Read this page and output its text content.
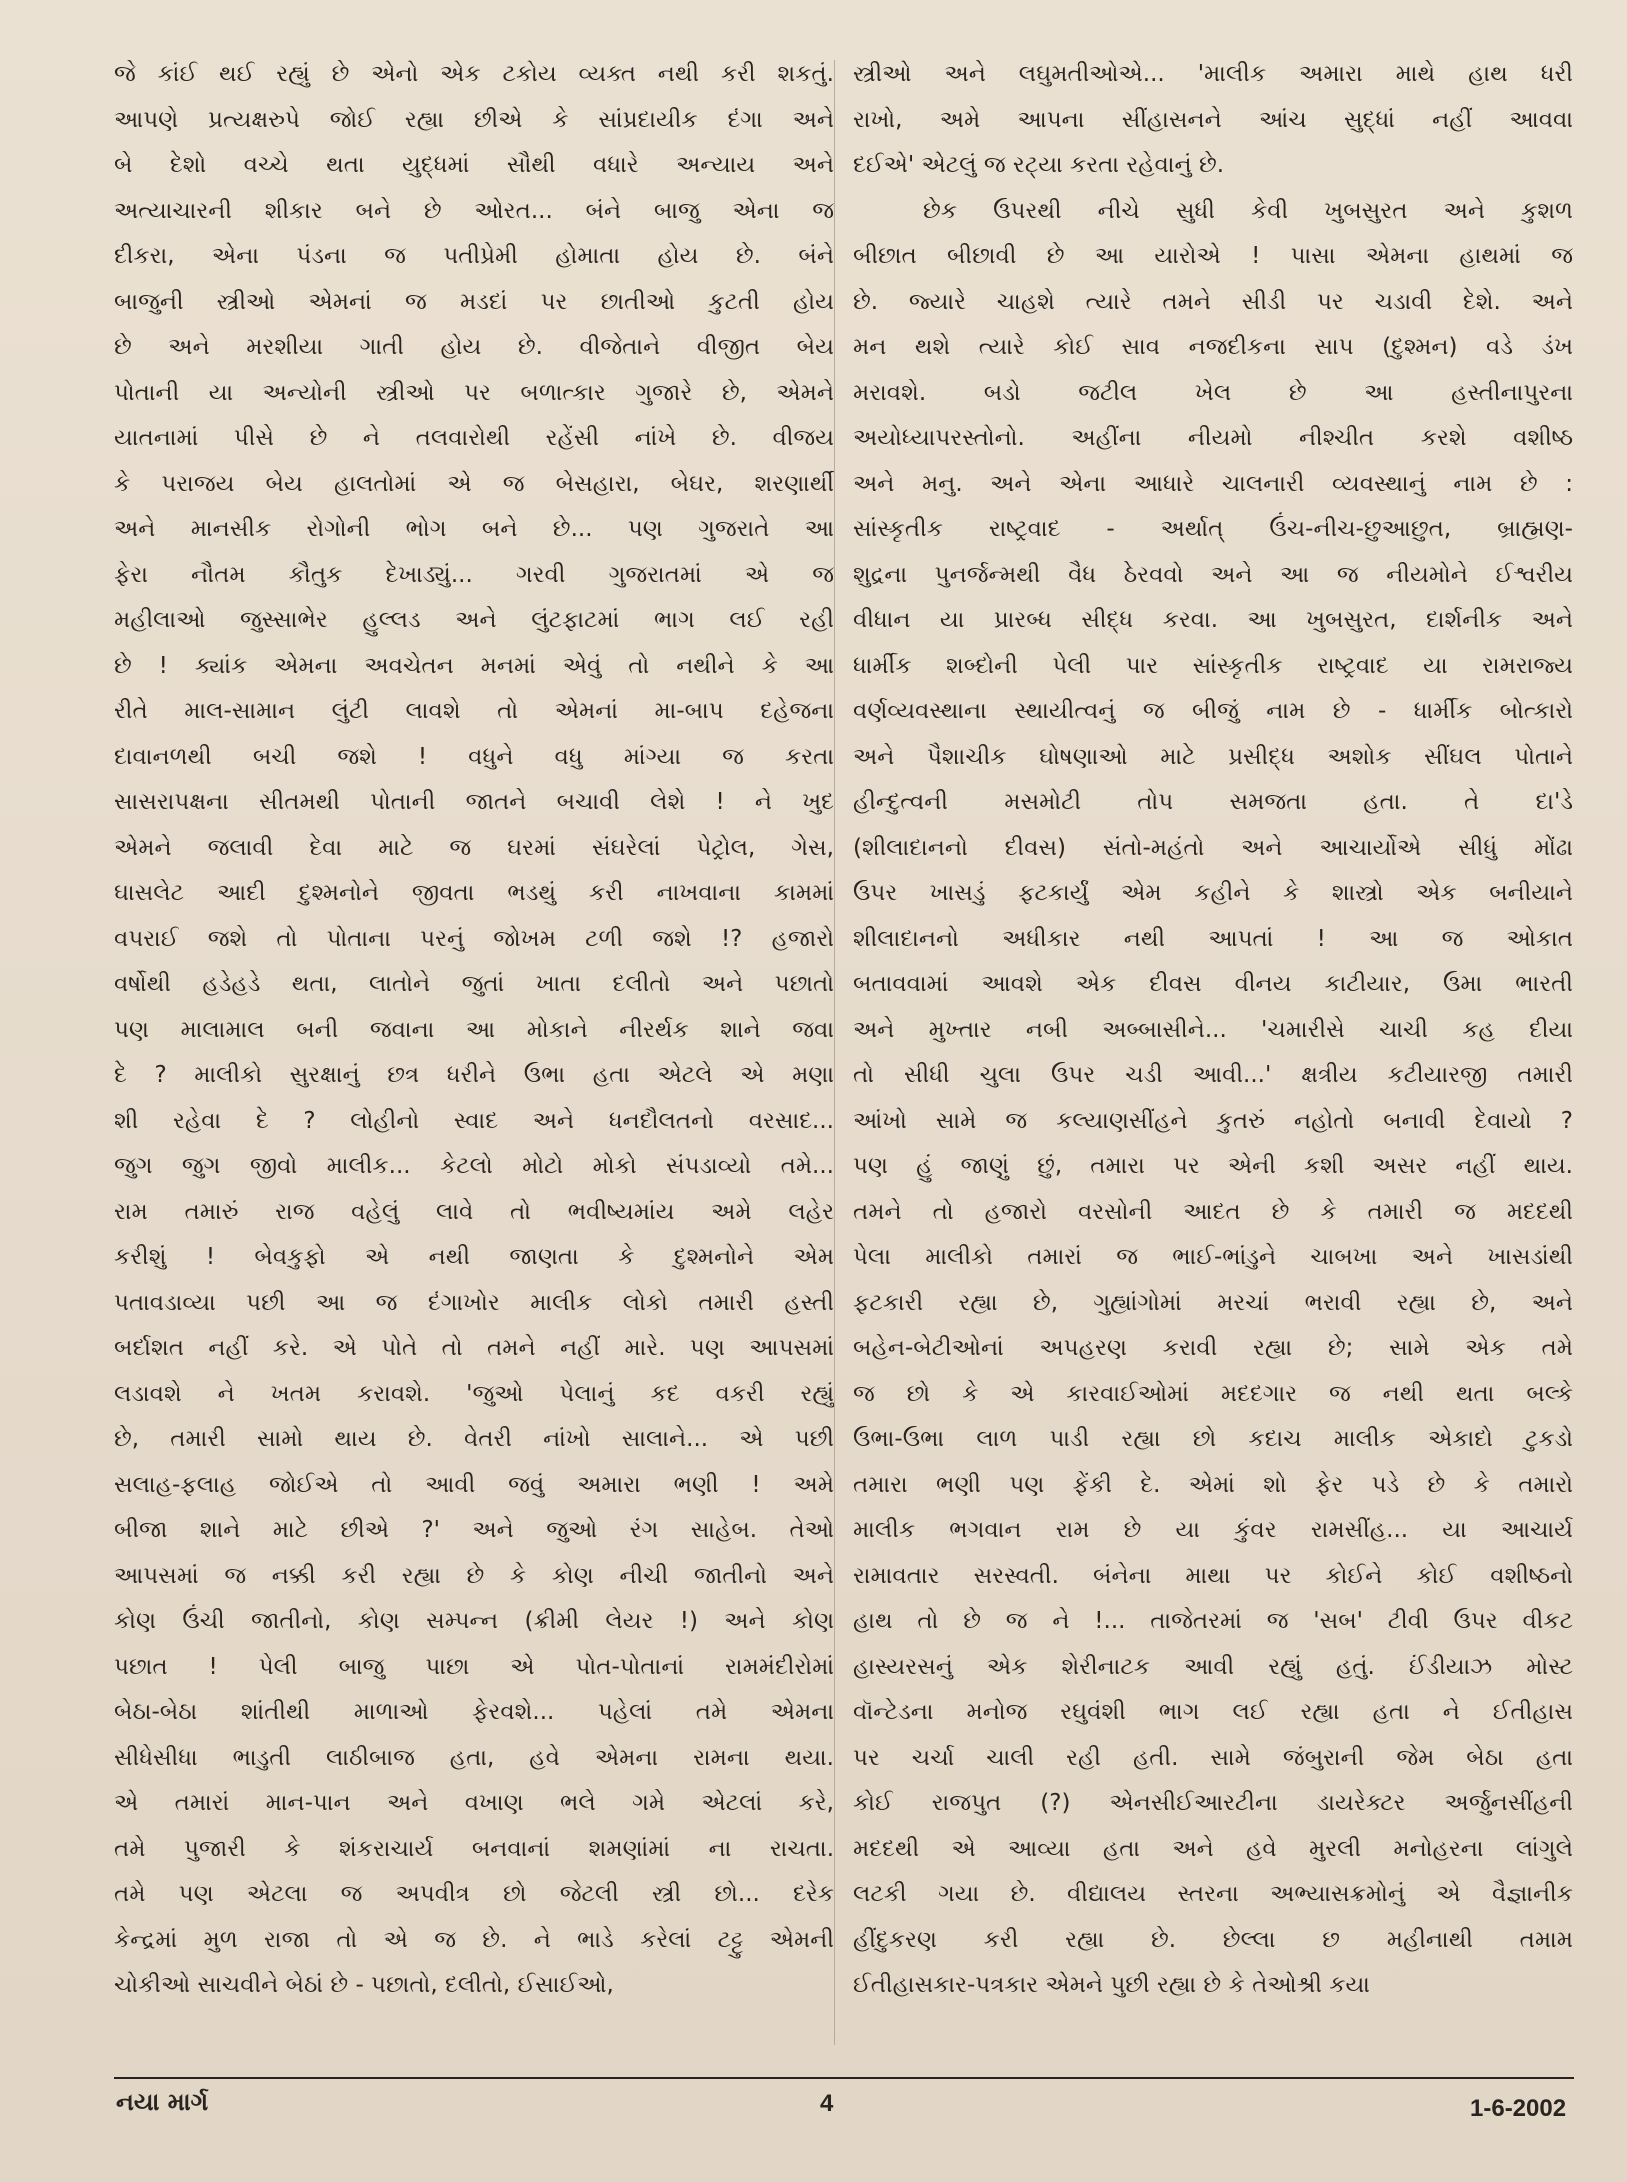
જે કાંઈ થઈ રહ્યું છે એનો એક ટકોય વ્યક્ત નથી કરી શકતું.
આપણે પ્રત્યક્ષરુપે જોઈ રહ્યા છીએ કે સાંપ્રદાયીક દંગા અને
બે દેશો વચ્ચે થતા યુદ્ધમાં સૌથી વધારે અન્યાય અને
અત્યાચારની શીકાર બને છે ઓરત... બંને બાજુ એના જ
દીકરા, એના પંડના જ પતીપ્રેમી હોમાતા હોય છે. બંને
બાજુની સ્ત્રીઓ એમનાં જ મડદાં પર છાતીઓ કુટતી હોય
છે અને મરશીયા ગાતી હોય છે. વીજેતાને વીજીત બેય
પોતાની યા અન્યોની સ્ત્રીઓ પર બળાત્કાર ગુજારે છે, એમને
યાતનામાં પીસે છે ને તલવારોથી રહેંસી નાંખે છે. વીજય
કે પરાજય બેય હાલતોમાં એ જ બેસહારા, બેઘર, શરણાર્થી
અને માનસીક રોગોની ભોગ બને છે... પણ ગુજરાતે આ
ફેરા નૌતમ કૌતુક દેખાડ્યું... ગરવી ગુજરાતમાં એ જ
મહીલાઓ જુસ્સાભેર હુલ્લડ અને લુંટફાટમાં ભાગ લઈ રહી
છે ! ક્યાંક એમના અવચેતન મનમાં એવું તો નથીને કે આ
રીતે માલ-સામાન લુંટી લાવશે તો એમનાં મા-બાપ દહેજના
દાવાનળથી બચી જશે ! વધુને વધુ માંગ્યા જ કરતા
સાસરાપક્ષના સીતમથી પોતાની જાતને બચાવી લેશે ! ને ખુદ
એમને જલાવી દેવા માટે જ ઘરમાં સંઘરેલાં પેટ્રોલ, ગેસ,
ઘાસલેટ આદી દુશ્મનોને જીવતા ભડથું કરી નાખવાના કામમાં
વપરાઈ જશે તો પોતાના પરનું જોખમ ટળી જશે !? હજારો
વર્ષોથી હડેહડે થતા, લાતોને જુતાં ખાતા દલીતો અને પછાતો
પણ માલામાલ બની જવાના આ મોકાને નીરર્થક શાને જવા
દે ? માલીકો સુરક્ષાનું છત્ર ધરીને ઉભા હતા એટલે એ મણા
શી રહેવા દે ? લોહીનો સ્વાદ અને ધનદૌલતનો વરસાદ...
જુગ જુગ જીવો માલીક... કેટલો મોટો મોકો સંપડાવ્યો તમે...
રામ તમારું રાજ વહેલું લાવે તો ભવીષ્યમાંય અમે લહેર
કરીશું ! બેવકુફો એ નથી જાણતા કે દુશ્મનોને એમ
પતાવડાવ્યા પછી આ જ દંગાખોર માલીક લોકો તમારી હસ્તી
બર્દાશત નહીં કરે. એ પોતે તો તમને નહીં મારે. પણ આપસમાં
લડાવશે ને ખતમ કરાવશે. 'જુઓ પેલાનું કદ વકરી રહ્યું
છે, તમારી સામો થાય છે. વેતરી નાંખો સાલાને... એ પછી
સલાહ-ફલાહ જોઈએ તો આવી જવું અમારા ભણી ! અમે
બીજા શાને માટે છીએ ?' અને જુઓ રંગ સાહેબ. તેઓ
આપસમાં જ નક્કી કરી રહ્યા છે કે કોણ નીચી જાતીનો અને
કોણ ઉંચી જાતીનો, કોણ સમ્પન્ન (ક્રીમી લેયર !) અને કોણ
પછાત ! પેલી બાજુ પાછા એ પોત-પોતાનાં રામમંદીરોમાં
બેઠા-બેઠા શાંતીથી માળાઓ ફેરવશે... પહેલાં તમે એમના
સીધેસીધા ભાડુતી લાઠીબાજ હતા, હવે એમના રામના થયા.
એ તમારાં માન-પાન અને વખાણ ભલે ગમે એટલાં કરે,
તમે પુજારી કે શંકરાચાર્ય બનવાનાં શમણાંમાં ના રાચતા.
તમે પણ એટલા જ અપવીત્ર છો જેટલી સ્ત્રી છો... દરેક
કેન્દ્રમાં મુળ રાજા તો એ જ છે. ને ભાડે કરેલાં ટટ્ટુ એમની
ચોકીઓ સાચવીને બેઠાં છે - પછાતો, દલીતો, ઈસાઈઓ,
સ્ત્રીઓ અને લઘુમતીઓએ... 'માલીક અમારા માથે હાથ ધરી
રાખો, અમે આપના સીંહાસનને આંચ સુદ્ધાં નહીં આવવા
દઈએ' એટલું જ રટ્યા કરતા રહેવાનું છે.
છેક ઉપરથી નીચે સુધી કેવી ખુબસુરત અને કુશળ
બીછાત બીછાવી છે આ યારોએ ! પાસા એમના હાથમાં જ
છે. જ્યારે ચાહશે ત્યારે તમને સીડી પર ચડાવી દેશે. અને
મન થશે ત્યારે કોઈ સાવ નજદીકના સાપ (દુશ્મન) વડે ડંખ
મરાવશે. બડો જટીલ ખેલ છે આ હસ્તીનાપુરના
અયોધ્યાપરસ્તોનો. અહીંના નીયમો નીશ્ચીત કરશે વશીષ્ઠ
અને મનુ. અને એના આધારે ચાલનારી વ્યવસ્થાનું નામ છે :
સાંસ્કૃતીક રાષ્ટ્રવાદ - અર્થાત્ ઉંચ-નીચ-છુઆછુત, બ્રાહ્મણ-
શુદ્રના પુનર્જન્મથી વૈધ ઠેરવવો અને આ જ નીયમોને ઈશ્વરીય
વીધાન યા પ્રારબ્ધ સીદ્ધ કરવા. આ ખુબસુરત, દાર્શનીક અને
ધાર્મીક શબ્દોની પેલી પાર સાંસ્કૃતીક રાષ્ટ્રવાદ યા રામરાજ્ય
વર્ણવ્યવસ્થાના સ્થાયીત્વનું જ બીજું નામ છે - ધાર્મીક બોત્કારો
અને પૈશાચીક ઘોષણાઓ માટે પ્રસીદ્ધ અશોક સીંઘલ પોતાને
હીન્દુત્વની મસમોટી તોપ સમજતા હતા. તે દા'ડે
(શીલાદાનનો દીવસ) સંતો-મહંતો અને આચાર્યોએ સીધું મોંઢા
ઉપર ખાસડું ફટકાર્યું એમ કહીને કે શાસ્ત્રો એક બનીયાને
શીલાદાનનો અધીકાર નથી આપતાં ! આ જ ઓકાત
બતાવવામાં આવશે એક દીવસ વીનય કાટીયાર, ઉમા ભારતી
અને મુખ્તાર નબી અબ્બાસીને... 'ચમારીસે ચાચી કહ દીયા
તો સીધી ચુલા ઉપર ચડી આવી...' ક્ષત્રીય કટીયારજી તમારી
આંખો સામે જ કલ્યાણસીંહને કુતરું નહોતો બનાવી દેવાયો ?
પણ હું જાણું છું, તમારા પર એની કશી અસર નહીં થાય.
તમને તો હજારો વરસોની આદત છે કે તમારી જ મદદથી
પેલા માલીકો તમારાં જ ભાઈ-ભાંડુને ચાબખા અને ખાસડાંથી
ફટકારી રહ્યા છે, ગુહ્યાંગોમાં મરચાં ભરાવી રહ્યા છે, અને
બહેન-બેટીઓનાં અપહરણ કરાવી રહ્યા છે; સામે એક તમે
જ છો કે એ કારવાઈઓમાં મદદગાર જ નથી થતા બલ્કે
ઉભા-ઉભા લાળ પાડી રહ્યા છો કદાચ માલીક એકાદો ટુકડો
તમારા ભણી પણ ફેંકી દે. એમાં શો ફેર પડે છે કે તમારો
માલીક ભગવાન રામ છે યા કુંવર રામસીંહ... યા આચાર્ય
રામાવતાર સરસ્વતી. બંનેના માથા પર કોઈને કોઈ વશીષ્ઠનો
હાથ તો છે જ ને !... તાજેતરમાં જ 'સબ' ટીવી ઉપર વીકટ
હાસ્યરસનું એક શેરીનાટક આવી રહ્યું હતું. ઈંડીયાઝ મોસ્ટ
વૉન્ટેડના મનોજ રઘુવંશી ભાગ લઈ રહ્યા હતા ને ઈતીહાસ
પર ચર્ચા ચાલી રહી હતી. સામે જંબુરાની જેમ બેઠા હતા
કોઈ રાજપુત (?) એનસીઈઆરટીના ડાયરેક્ટર અર્જુનસીંહની
મદદથી એ આવ્યા હતા અને હવે મુરલી મનોહરના લાંગુલે
લટકી ગયા છે. વીદ્યાલય સ્તરના અભ્યાસક્રમોનું એ વૈજ્ઞાનીક
હીંદુકરણ કરી રહ્યા છે. છેલ્લા છ મહીનાથી તમામ
ઈતીહાસકાર-પત્રકાર એમને પુછી રહ્યા છે કે તેઓશ્રી કયા
નયા માર્ગ	4	1-6-2002
